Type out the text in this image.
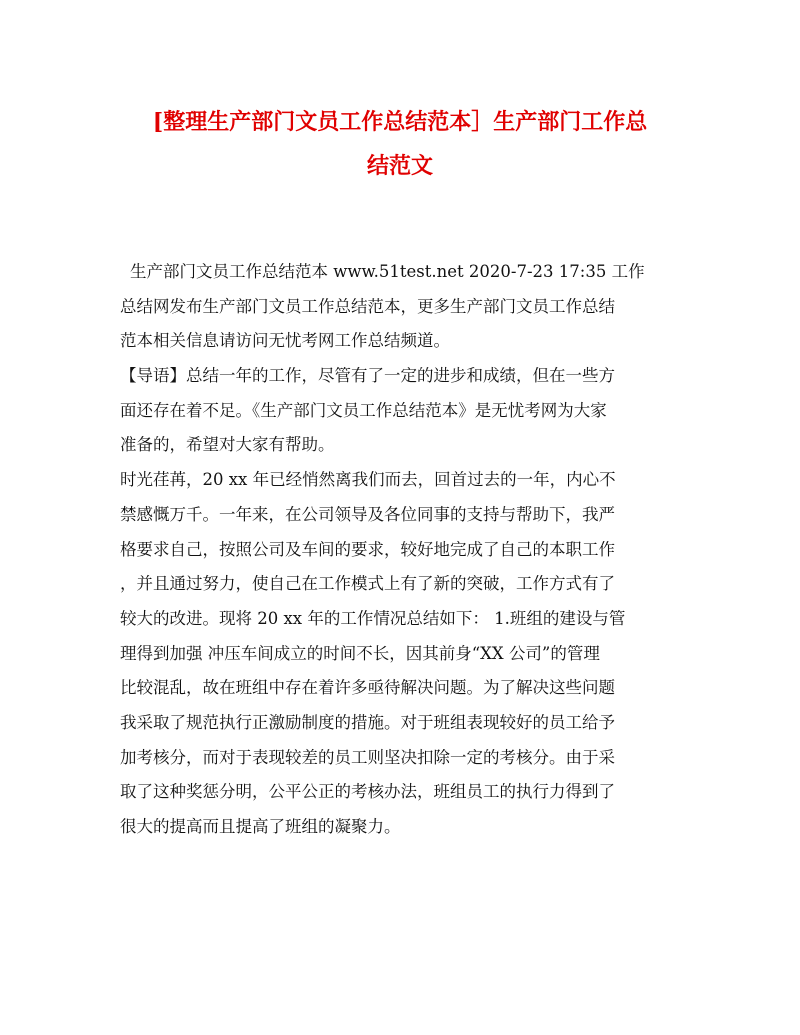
[整理生产部门文员工作总结范本］生产部门工作总
结范文
生产部门文员工作总结范本 www.51test.net 2020-7-23 17:35 工作
总结网发布生产部门文员工作总结范本，更多生产部门文员工作总结
范本相关信息请访问无忧考网工作总结频道。
【导语】总结一年的工作，尽管有了一定的进步和成绩，但在一些方
面还存在着不足。《生产部门文员工作总结范本》是无忧考网为大家
准备的，希望对大家有帮助。
时光荏苒，20 xx 年已经悄然离我们而去，回首过去的一年，内心不
禁感慨万千。一年来，在公司领导及各位同事的支持与帮助下，我严
格要求自己，按照公司及车间的要求，较好地完成了自己的本职工作
，并且通过努力，使自己在工作模式上有了新的突破，工作方式有了
较大的改进。现将 20 xx 年的工作情况总结如下： 1.班组的建设与管
理得到加强 冲压车间成立的时间不长，因其前身“XX 公司”的管理
比较混乱，故在班组中存在着许多亟待解决问题。为了解决这些问题
我采取了规范执行正激励制度的措施。对于班组表现较好的员工给予
加考核分，而对于表现较差的员工则坚决扣除一定的考核分。由于采
取了这种奖惩分明，公平公正的考核办法，班组员工的执行力得到了
很大的提高而且提高了班组的凝聚力。
